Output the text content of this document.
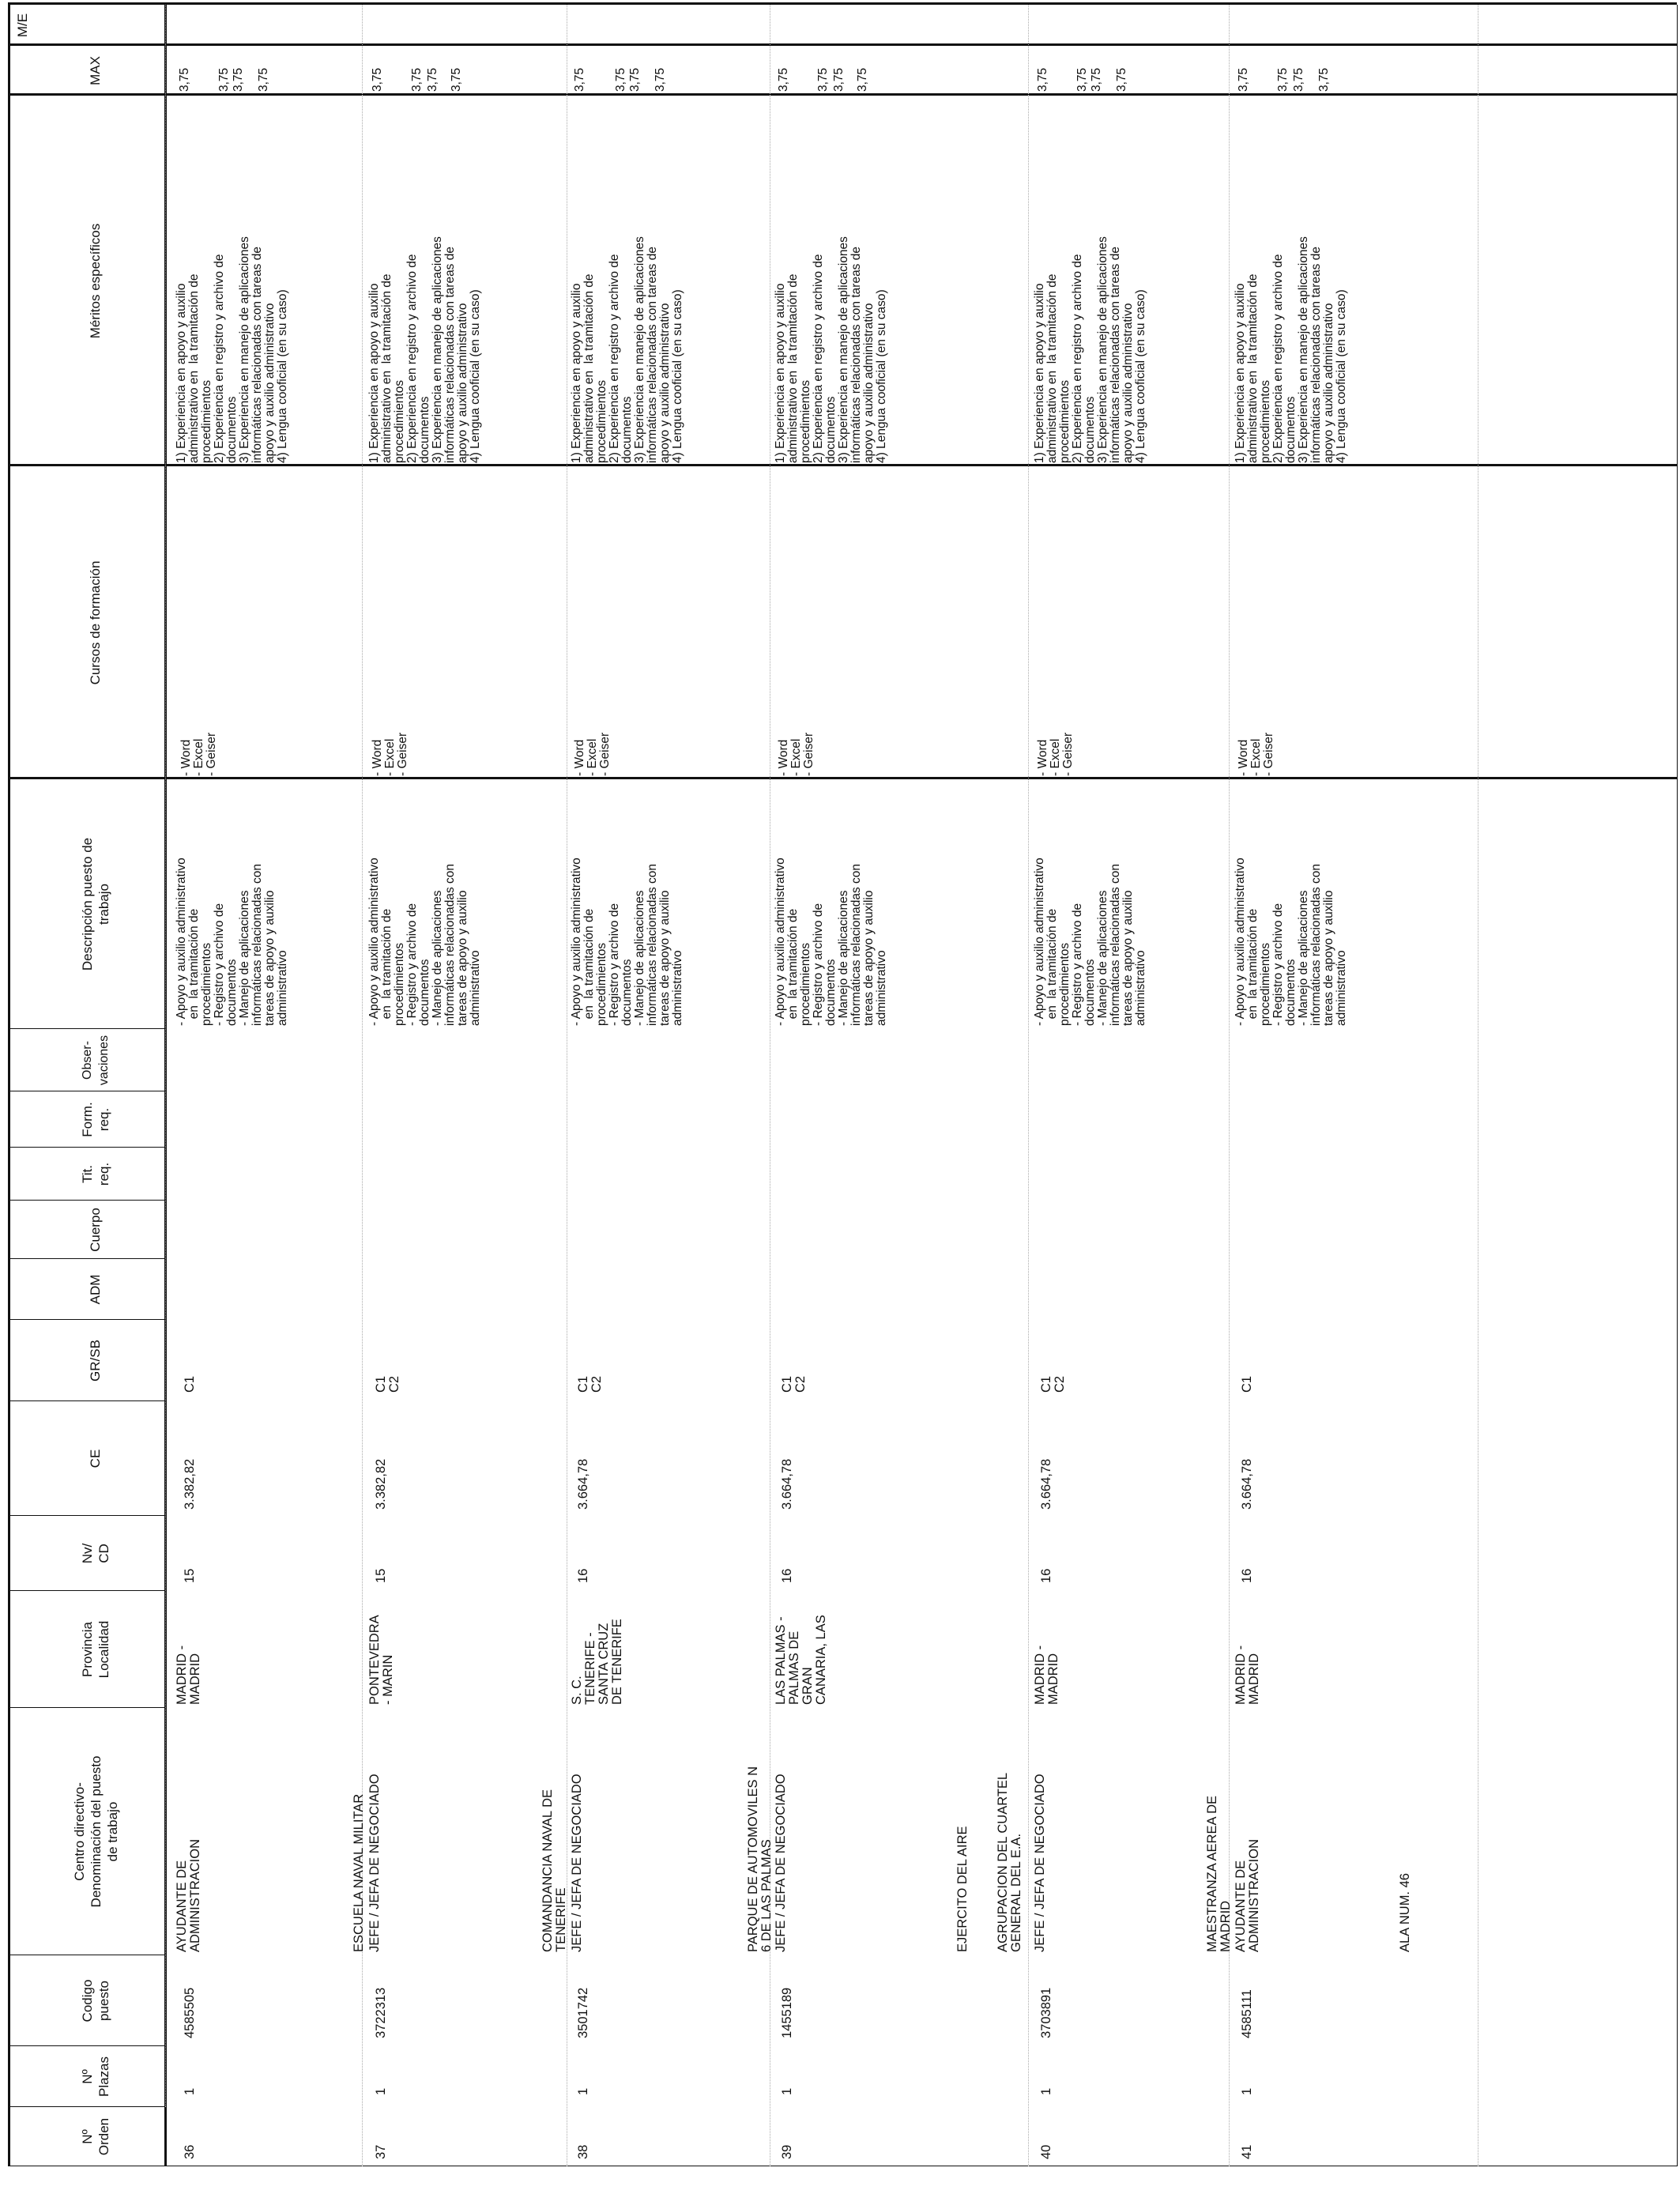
Nº
Orden
Nº
Plazas
Codigo
puesto
Centro directivo-
Denominación del puesto
de trabajo
Provincia
Localidad
Nv/
CD
CE
GR/SB
ADM
Cuerpo
Tit.
req.
Form.
req.
Obser-
vaciones
Descripción puesto de
trabajo
Cursos de formación
Méritos específicos
MAX
M/E
36
1
4585505
AYUDANTE DE
ADMINISTRACION
MADRID -
MADRID
15
3.382,82
C1
- Apoyo y auxilio administrativo
en  la tramitación de
procedimientos
- Registro y archivo de
documentos
- Manejo de aplicaciones
informáticas relacionadas con
tareas de apoyo y auxilio
administrativo
- Word
- Excel
- Geiser
1) Experiencia en apoyo y auxilio
administrativo en  la tramitación de
procedimientos
2) Experiencia en registro y archivo de
documentos
3) Experiencia en manejo de aplicaciones
informáticas relacionadas con tareas de
apoyo y auxilio administrativo
4) Lengua cooficial (en su caso)
3,75 3,75 3,75 3,75
37
1
3722313
ESCUELA NAVAL MILITAR JEFE / JEFA DE NEGOCIADO
PONTEVEDRA
- MARIN
15
3.382,82
C1
C2
- Apoyo y auxilio administrativo
en  la tramitación de
procedimientos
- Registro y archivo de
documentos
- Manejo de aplicaciones
informáticas relacionadas con
tareas de apoyo y auxilio
administrativo
- Word
- Excel
- Geiser
1) Experiencia en apoyo y auxilio
administrativo en  la tramitación de
procedimientos
2) Experiencia en registro y archivo de
documentos
3) Experiencia en manejo de aplicaciones
informáticas relacionadas con tareas de
apoyo y auxilio administrativo
4) Lengua cooficial (en su caso)
3,75 3,75 3,75 3,75
38
1
3501742
COMANDANCIA NAVAL DE
TENERIFE JEFE / JEFA DE NEGOCIADO
S. C.
TENERIFE -
SANTA CRUZ
DE TENERIFE
16
3.664,78
C1
C2
- Apoyo y auxilio administrativo
en  la tramitación de
procedimientos
- Registro y archivo de
documentos
- Manejo de aplicaciones
informáticas relacionadas con
tareas de apoyo y auxilio
administrativo
- Word
- Excel
- Geiser
1) Experiencia en apoyo y auxilio
administrativo en  la tramitación de
procedimientos
2) Experiencia en registro y archivo de
documentos
3) Experiencia en manejo de aplicaciones
informáticas relacionadas con tareas de
apoyo y auxilio administrativo
4) Lengua cooficial (en su caso)
3,75 3,75 3,75 3,75
39
1
1455189
PARQUE DE AUTOMOVILES N
6 DE LAS PALMAS JEFE / JEFA DE NEGOCIADO
LAS PALMAS -
PALMAS DE
GRAN
CANARIA, LAS
16
3.664,78
C1
C2
- Apoyo y auxilio administrativo
en  la tramitación de
procedimientos
- Registro y archivo de
documentos
- Manejo de aplicaciones
informáticas relacionadas con
tareas de apoyo y auxilio
administrativo
- Word
- Excel
- Geiser
1) Experiencia en apoyo y auxilio
administrativo en  la tramitación de
procedimientos
2) Experiencia en registro y archivo de
documentos
3) Experiencia en manejo de aplicaciones
informáticas relacionadas con tareas de
apoyo y auxilio administrativo
4) Lengua cooficial (en su caso)
3,75 3,75 3,75 3,75
40
1
3703891
EJERCITO DEL AIRE

AGRUPACION DEL CUARTEL
GENERAL DEL E.A. JEFE / JEFA DE NEGOCIADO
MADRID -
MADRID
16
3.664,78
C1
C2
- Apoyo y auxilio administrativo
en  la tramitación de
procedimientos
- Registro y archivo de
documentos
- Manejo de aplicaciones
informáticas relacionadas con
tareas de apoyo y auxilio
administrativo
- Word
- Excel
- Geiser
1) Experiencia en apoyo y auxilio
administrativo en  la tramitación de
procedimientos
2) Experiencia en registro y archivo de
documentos
3) Experiencia en manejo de aplicaciones
informáticas relacionadas con tareas de
apoyo y auxilio administrativo
4) Lengua cooficial (en su caso)
3,75 3,75 3,75 3,75
41
1
4585111
MAESTRANZA AEREA DE
MADRID AYUDANTE DE
ADMINISTRACION
MADRID -
MADRID
16
3.664,78
C1
- Apoyo y auxilio administrativo
en  la tramitación de
procedimientos
- Registro y archivo de
documentos
- Manejo de aplicaciones
informáticas relacionadas con
tareas de apoyo y auxilio
administrativo
- Word
- Excel
- Geiser
1) Experiencia en apoyo y auxilio
administrativo en  la tramitación de
procedimientos
2) Experiencia en registro y archivo de
documentos
3) Experiencia en manejo de aplicaciones
informáticas relacionadas con tareas de
apoyo y auxilio administrativo
4) Lengua cooficial (en su caso)
3,75 3,75 3,75 3,75
ALA NUM. 46
